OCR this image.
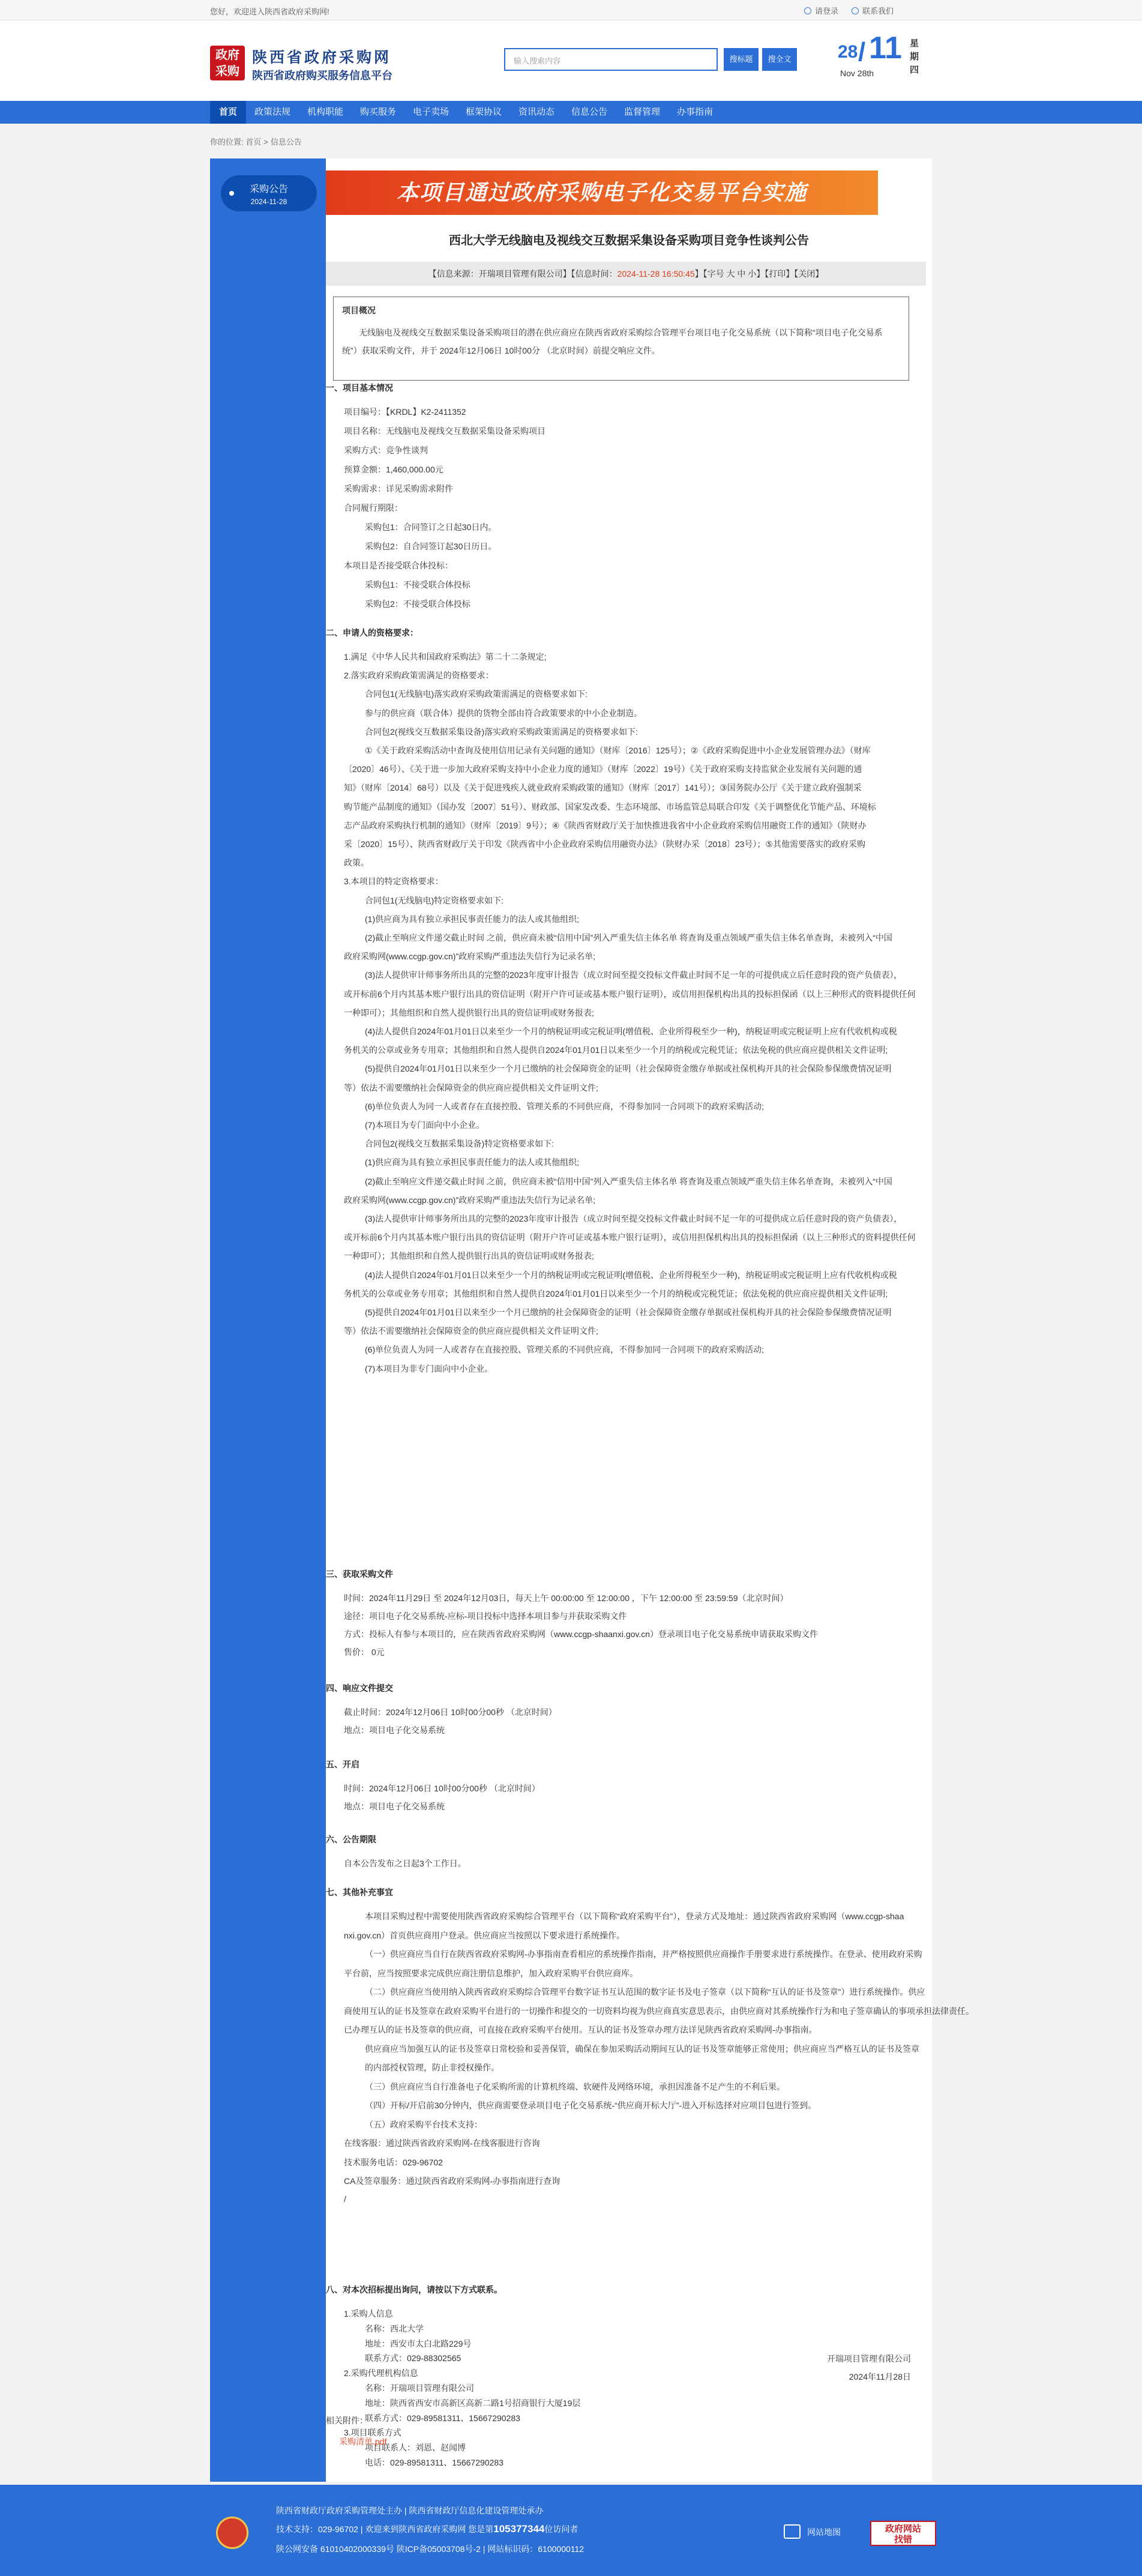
您好，欢迎进入陕西省政府采购网!	请登录	联系我们
政府
采购
陕西省政府采购网
陕西省政府购买服务信息平台
输入搜索内容	搜标题	搜全文	28 / 11
Nov 28th
星期四
首页	政策法规	机构职能	购买服务	电子卖场	框架协议	资讯动态	信息公告	监督管理	办事指南
你的位置: 首页 > 信息公告
采购公告
2024-11-28	本项目通过政府采购电子化交易平台实施
西北大学无线脑电及视线交互数据采集设备采购项目竞争性谈判公告
【信息来源：开瑞项目管理有限公司】【信息时间：2024-11-28 16:50:45】【字号 大 中 小】【打印】【关闭】
项目概况
无线脑电及视线交互数据采集设备采购项目的潜在供应商应在陕西省政府采购综合管理平台项目电子化交易系统（以下简称“项目电子化交易系
统”）获取采购文件，并于 2024年12月06日 10时00分 （北京时间）前提交响应文件。
一、项目基本情况
项目编号：【KRDL】K2-2411352
项目名称：无线脑电及视线交互数据采集设备采购项目
采购方式：竞争性谈判
预算金额：1,460,000.00元
采购需求：详见采购需求附件
合同履行期限：
采购包1：合同签订之日起30日内。
采购包2：自合同签订起30日历日。
本项目是否接受联合体投标：
采购包1：不接受联合体投标
采购包2：不接受联合体投标
二、申请人的资格要求：
1.满足《中华人民共和国政府采购法》第二十二条规定;
2.落实政府采购政策需满足的资格要求：
合同包1(无线脑电)落实政府采购政策需满足的资格要求如下:
参与的供应商（联合体）提供的货物全部由符合政策要求的中小企业制造。
合同包2(视线交互数据采集设备)落实政府采购政策需满足的资格要求如下:
①《关于政府采购活动中查询及使用信用记录有关问题的通知》（财库〔2016〕125号）；②《政府采购促进中小企业发展管理办法》（财库
〔2020〕46号）、《关于进一步加大政府采购支持中小企业力度的通知》（财库〔2022〕19号）《关于政府采购支持监狱企业发展有关问题的通
知》（财库〔2014〕68号）以及《关于促进残疾人就业政府采购政策的通知》（财库〔2017〕141号）；③国务院办公厅《关于建立政府强制采
购节能产品制度的通知》（国办发〔2007〕51号）、财政部、国家发改委、生态环境部、市场监管总局联合印发《关于调整优化节能产品、环境标
志产品政府采购执行机制的通知》（财库〔2019〕9号）；④《陕西省财政厅关于加快推进我省中小企业政府采购信用融资工作的通知》（陕财办
采〔2020〕15号）、陕西省财政厅关于印发《陕西省中小企业政府采购信用融资办法》（陕财办采〔2018〕23号）；⑤其他需要落实的政府采购
政策。
3.本项目的特定资格要求：
合同包1(无线脑电)特定资格要求如下:
(1)供应商为具有独立承担民事责任能力的法人或其他组织;
(2)截止至响应文件递交截止时间 之前，供应商未被“信用中国”列入严重失信主体名单 将查询及重点领域严重失信主体名单查询，未被列入“中国
政府采购网(www.ccgp.gov.cn)”政府采购严重违法失信行为记录名单;
(3)法人提供审计师事务所出具的完整的2023年度审计报告（成立时间至提交投标文件截止时间不足一年的可提供成立后任意时段的资产负债表），
或开标前6个月内其基本账户银行出具的资信证明（附开户许可证或基本账户银行证明），或信用担保机构出具的投标担保函（以上三种形式的资料提供任何
一种即可）；其他组织和自然人提供银行出具的资信证明或财务报表;
(4)法人提供自2024年01月01日以来至少一个月的纳税证明或完税证明(增值税、企业所得税至少一种)，纳税证明或完税证明上应有代收机构或税
务机关的公章或业务专用章；其他组织和自然人提供自2024年01月01日以来至少一个月的纳税或完税凭证；依法免税的供应商应提供相关文件证明;
(5)提供自2024年01月01日以来至少一个月已缴纳的社会保障资金的证明（社会保障资金缴存单据或社保机构开具的社会保险参保缴费情况证明
等）依法不需要缴纳社会保障资金的供应商应提供相关文件证明文件;
(6)单位负责人为同一人或者存在直接控股、管理关系的不同供应商，不得参加同一合同项下的政府采购活动;
(7)本项目为专门面向中小企业。
合同包2(视线交互数据采集设备)特定资格要求如下:
(1)供应商为具有独立承担民事责任能力的法人或其他组织;
(2)截止至响应文件递交截止时间 之前，供应商未被“信用中国”列入严重失信主体名单 将查询及重点领域严重失信主体名单查询，未被列入“中国
政府采购网(www.ccgp.gov.cn)”政府采购严重违法失信行为记录名单;
(3)法人提供审计师事务所出具的完整的2023年度审计报告（成立时间至提交投标文件截止时间不足一年的可提供成立后任意时段的资产负债表），
或开标前6个月内其基本账户银行出具的资信证明（附开户许可证或基本账户银行证明），或信用担保机构出具的投标担保函（以上三种形式的资料提供任何
一种即可）；其他组织和自然人提供银行出具的资信证明或财务报表;
(4)法人提供自2024年01月01日以来至少一个月的纳税证明或完税证明(增值税、企业所得税至少一种)，纳税证明或完税证明上应有代收机构或税
务机关的公章或业务专用章；其他组织和自然人提供自2024年01月01日以来至少一个月的纳税或完税凭证；依法免税的供应商应提供相关文件证明;
(5)提供自2024年01月01日以来至少一个月已缴纳的社会保障资金的证明（社会保障资金缴存单据或社保机构开具的社会保险参保缴费情况证明
等）依法不需要缴纳社会保障资金的供应商应提供相关文件证明文件;
(6)单位负责人为同一人或者存在直接控股、管理关系的不同供应商，不得参加同一合同项下的政府采购活动;
(7)本项目为非专门面向中小企业。
三、获取采购文件
时间：2024年11月29日 至 2024年12月03日，每天上午 00:00:00 至 12:00:00 ，下午 12:00:00 至 23:59:59（北京时间）
途径：项目电子化交易系统-应标-项目投标中选择本项目参与并获取采购文件
方式：投标人有参与本项目的，应在陕西省政府采购网（www.ccgp-shaanxi.gov.cn）登录项目电子化交易系统申请获取采购文件
售价： 0元
四、响应文件提交
截止时间：2024年12月06日 10时00分00秒 （北京时间）
地点：项目电子化交易系统
五、开启
时间：2024年12月06日 10时00分00秒 （北京时间）
地点：项目电子化交易系统
六、公告期限
自本公告发布之日起3个工作日。
七、其他补充事宜
本项目采购过程中需要使用陕西省政府采购综合管理平台（以下简称“政府采购平台”），登录方式及地址：通过陕西省政府采购网（www.ccgp-shaa
nxi.gov.cn）首页供应商用户登录。供应商应当按照以下要求进行系统操作。
（一）供应商应当自行在陕西省政府采购网-办事指南查看相应的系统操作指南，并严格按照供应商操作手册要求进行系统操作。在登录、使用政府采购
平台前，应当按照要求完成供应商注册信息维护，加入政府采购平台供应商库。
（二）供应商应当使用纳入陕西省政府采购综合管理平台数字证书互认范围的数字证书及电子签章（以下简称“互认的证书及签章”）进行系统操作。供应
商使用互认的证书及签章在政府采购平台进行的一切操作和提交的一切资料均视为供应商真实意思表示，由供应商对其系统操作行为和电子签章确认的事项承担法律责任。
已办理互认的证书及签章的供应商，可直接在政府采购平台使用。互认的证书及签章办理方法详见陕西省政府采购网-办事指南。
供应商应当加强互认的证书及签章日常校验和妥善保管，确保在参加采购活动期间互认的证书及签章能够正常使用；供应商应当严格互认的证书及签章
的内部授权管理，防止非授权操作。
（三）供应商应当自行准备电子化采购所需的计算机终端、软硬件及网络环境，承担因准备不足产生的不利后果。
（四）开标/开启前30分钟内，供应商需要登录项目电子化交易系统-“供应商开标大厅”-进入开标选择对应项目包进行签到。
（五）政府采购平台技术支持：
在线客服：通过陕西省政府采购网-在线客服进行咨询
技术服务电话：029-96702
CA及签章服务：通过陕西省政府采购网-办事指南进行查询
/
八、对本次招标提出询问，请按以下方式联系。
1.采购人信息
名称：西北大学
地址：西安市太白北路229号
联系方式：029-88302565
2.采购代理机构信息
名称：开瑞项目管理有限公司
地址：陕西省西安市高新区高新二路1号招商银行大厦19层
联系方式：029-89581311、15667290283
3.项目联系方式
项目联系人：刘恩、赵闻博
电话：029-89581311、15667290283
开瑞项目管理有限公司
2024年11月28日
相关附件：
采购清单.pdf
陕西省财政厅政府采购管理处主办 | 陕西省财政厅信息化建设管理处承办
技术支持：029-96702 | 欢迎来到陕西省政府采购网 您是第105377344位访问者
陕公网安备 61010402000339号 陕ICP备05003708号-2 | 网站标识码：6100000112
网站地图	政府网站
找错
